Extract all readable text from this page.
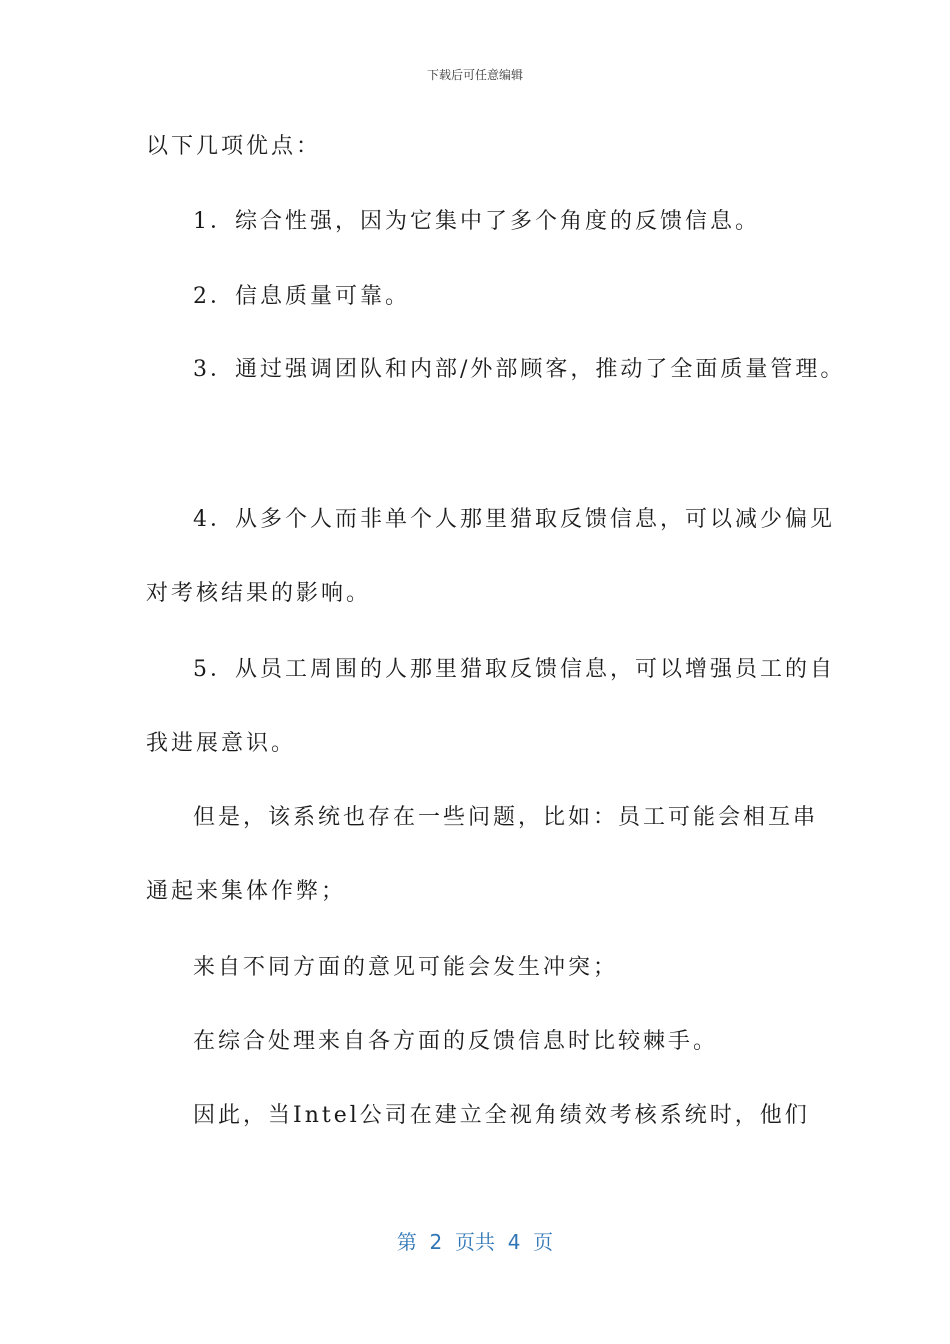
下载后可任意编辑
以下几项优点：
1．综合性强，因为它集中了多个角度的反馈信息。
2．信息质量可靠。
3．通过强调团队和内部/外部顾客，推动了全面质量管理。
4．从多个人而非单个人那里猎取反馈信息，可以减少偏见
对考核结果的影响。
5．从员工周围的人那里猎取反馈信息，可以增强员工的自
我进展意识。
但是，该系统也存在一些问题，比如：员工可能会相互串
通起来集体作弊；
来自不同方面的意见可能会发生冲突；
在综合处理来自各方面的反馈信息时比较棘手。
因此，当Intel公司在建立全视角绩效考核系统时，他们
第  2  页共  4  页
